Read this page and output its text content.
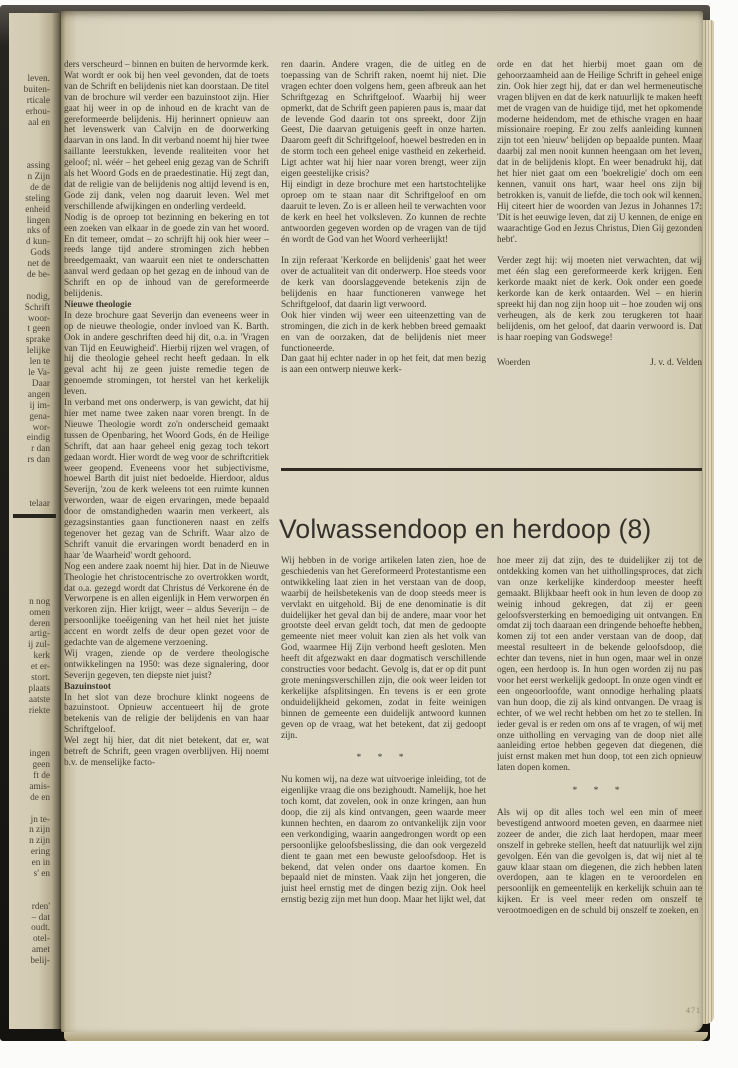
leven.
buiten-
rticale
erhou-
aal en
assing
n Zijn
de de
steling
enheid
lingen
nks of
d kun-
Gods
net de
de be-
nodig,
Schrift
woor-
t geen
sprake
lelijke
len te
le Va-
Daar
angen
ij im-
gena-
wor-
eindig
r dan
rs dan
telaar
n nog
omen
deren
artig-
ij zul-
kerk
et er-
stort.
plaats
aatste
riekte
ingen
geen
ft de
amis-
de en
jn te-
n zijn
n zijn
ering
en in
s' en
rden'
– dat
oudt.
otel-
amet
belij-

ders verscheurd – binnen en buiten de hervormde kerk. Wat wordt er ook bij hen veel gevonden, dat de toets van de Schrift en belijdenis niet kan doorstaan. De titel van de brochure wil verder een bazuinstoot zijn. Hier gaat hij weer in op de inhoud en de kracht van de gereformeerde belijdenis. Hij herinnert opnieuw aan het levenswerk van Calvijn en de doorwerking daarvan in ons land. In dit verband noemt hij hier twee saillante leerstukken, levende realiteiten voor het geloof; nl. wéér – het geheel enig gezag van de Schrift als het Woord Gods en de praedestinatie. Hij zegt dan, dat de religie van de belijdenis nog altijd levend is en, Gode zij dank, velen nog daaruit leven. Wel met verschillende afwijkingen en onderling verdeeld.

Nodig is de oproep tot bezinning en bekering en tot een zoeken van elkaar in de goede zin van het woord. En dit temeer, omdat – zo schrijft hij ook hier weer – reeds lange tijd andere stromingen zich hebben breedgemaakt, van waaruit een niet te onderschatten aanval werd gedaan op het gezag en de inhoud van de Schrift en op de inhoud van de gereformeerde belijdenis.

Nieuwe theologie

In deze brochure gaat Severijn dan eveneens weer in op de nieuwe theologie, onder invloed van K. Barth. Ook in andere geschriften deed hij dit, o.a. in 'Vragen van Tijd en Eeuwigheid'. Hierbij rijzen wel vragen, of hij die theologie geheel recht heeft gedaan. In elk geval acht hij ze geen juiste remedie tegen de genoemde stromingen, tot herstel van het kerkelijk leven.

In verband met ons onderwerp, is van gewicht, dat hij hier met name twee zaken naar voren brengt. In de Nieuwe Theologie wordt zo'n onderscheid gemaakt tussen de Openbaring, het Woord Gods, én de Heilige Schrift, dat aan haar geheel enig gezag toch tekort gedaan wordt. Hier wordt de weg voor de schriftcritiek weer geopend. Eveneens voor het subjectivisme, hoewel Barth dit juist niet bedoelde. Hierdoor, aldus Severijn, 'zou de kerk weleens tot een ruimte kunnen verworden, waar de eigen ervaringen, mede bepaald door de omstandigheden waarin men verkeert, als gezagsinstanties gaan functioneren naast en zelfs tegenover het gezag van de Schrift. Waar alzo de Schrift vanuit die ervaringen wordt benaderd en in haar 'de Waarheid' wordt gehoord.

Nog een andere zaak noemt hij hier. Dat in de Nieuwe Theologie het christocentrische zo overtrokken wordt, dat o.a. gezegd wordt dat Christus dé Verkorene én de Verworpene is en allen eigenlijk in Hem verworpen én verkoren zijn. Hier krijgt, weer – aldus Severijn – de persoonlijke toeëigening van het heil niet het juiste accent en wordt zelfs de deur open gezet voor de gedachte van de algemene verzoening.

Wij vragen, ziende op de verdere theologische ontwikkelingen na 1950: was deze signalering, door Severijn gegeven, ten diepste niet juist?

Bazuinstoot

In het slot van deze brochure klinkt nogeens de bazuinstoot. Opnieuw accentueert hij de grote betekenis van de religie der belijdenis en van haar Schriftgeloof.

Wel zegt hij hier, dat dit niet betekent, dat er, wat betreft de Schrift, geen vragen overblijven. Hij noemt b.v. de menselijke facto-

ren daarin. Andere vragen, die de uitleg en de toepassing van de Schrift raken, noemt hij niet. Die vragen echter doen volgens hem, geen afbreuk aan het Schriftgezag en Schriftgeloof. Waarbij hij weer opmerkt, dat de Schrift geen papieren paus is, maar dat de levende God daarin tot ons spreekt, door Zijn Geest, Die daarvan getuigenis geeft in onze harten. Daarom geeft dit Schriftgeloof, hoewel bestreden en in de storm toch een geheel enige vastheid en zekerheid. Ligt achter wat hij hier naar voren brengt, weer zijn eigen geestelijke crisis?

Hij eindigt in deze brochure met een hartstochtelijke oproep om te staan naar dit Schriftgeloof en om daaruit te leven. Zo is er alleen heil te verwachten voor de kerk en heel het volksleven. Zo kunnen de rechte antwoorden gegeven worden op de vragen van de tijd én wordt de God van het Woord verheerlijkt!

In zijn referaat 'Kerkorde en belijdenis' gaat het weer over de actualiteit van dit onderwerp. Hoe steeds voor de kerk van doorslaggevende betekenis zijn de belijdenis en haar functioneren vanwege het Schriftgeloof, dat daarin ligt verwoord.

Ook hier vinden wij weer een uiteenzetting van de stromingen, die zich in de kerk hebben breed gemaakt en van de oorzaken, dat de belijdenis niet meer functioneerde.

Dan gaat hij echter nader in op het feit, dat men bezig is aan een ontwerp nieuwe kerk-

orde en dat het hierbij moet gaan om de gehoorzaamheid aan de Heilige Schrift in geheel enige zin. Ook hier zegt hij, dat er dan wel hermeneutische vragen blijven en dat de kerk natuurlijk te maken heeft met de vragen van de huidige tijd, met het opkomende moderne heidendom, met de ethische vragen en haar missionaire roeping. Er zou zelfs aanleiding kunnen zijn tot een 'nieuw' belijden op bepaalde punten. Maar daarbij zal men nooit kunnen heengaan om het leven, dat in de belijdenis klopt. En weer benadrukt hij, dat het hier niet gaat om een 'boekreligie' doch om een kennen, vanuit ons hart, waar heel ons zijn bij betrokken is, vanuit de liefde, die toch ook wil kennen. Hij citeert hier de woorden van Jezus in Johannes 17: 'Dit is het eeuwige leven, dat zij U kennen, de enige en waarachtige God en Jezus Christus, Dien Gij gezonden hebt'.

Verder zegt hij: wij moeten niet verwachten, dat wij met één slag een gereformeerde kerk krijgen. Een kerkorde maakt niet de kerk. Ook onder een goede kerkorde kan de kerk ontaarden. Wel – en hierin spreekt hij dan nog zijn hoop uit – hoe zouden wij ons verheugen, als de kerk zou terugkeren tot haar belijdenis, om het geloof, dat daarin verwoord is. Dat is haar roeping van Godswege!

Woerden	J. v. d. Velden
Volwassendoop en herdoop (8)

Wij hebben in de vorige artikelen laten zien, hoe de geschiedenis van het Gereformeerd Protestantisme een ontwikkeling laat zien in het verstaan van de doop, waarbij de heilsbetekenis van de doop steeds meer is vervlakt en uitgehold. Bij de ene denominatie is dit duidelijker het geval dan bij de andere, maar voor het grootste deel ervan geldt toch, dat men de gedoopte gemeente niet meer voluit kan zien als het volk van God, waarmee Hij Zijn verbond heeft gesloten. Men heeft dit afgezwakt en daar dogmatisch verschillende constructies voor bedacht. Gevolg is, dat er op dit punt grote meningsverschillen zijn, die ook weer leiden tot kerkelijke afsplitsingen. En tevens is er een grote onduidelijkheid gekomen, zodat in feite weinigen binnen de gemeente een duidelijk antwoord kunnen geven op de vraag, wat het betekent, dat zij gedoopt zijn.

* * *

Nu komen wij, na deze wat uitvoerige inleiding, tot de eigenlijke vraag die ons bezighoudt. Namelijk, hoe het toch komt, dat zovelen, ook in onze kringen, aan hun doop, die zij als kind ontvangen, geen waarde meer kunnen hechten, en daarom zo ontvankelijk zijn voor een verkondiging, waarin aangedrongen wordt op een persoonlijke geloofsbeslissing, die dan ook vergezeld dient te gaan met een bewuste geloofsdoop. Het is bekend, dat velen onder ons daartoe komen. En bepaald niet de minsten. Vaak zijn het jongeren, die juist heel ernstig met de dingen bezig zijn. Ook heel ernstig bezig zijn met hun doop. Maar het lijkt wel, dat

hoe meer zij dat zijn, des te duidelijker zij tot de ontdekking komen van het uithollingsproces, dat zich van onze kerkelijke kinderdoop meester heeft gemaakt. Blijkbaar heeft ook in hun leven de doop zo weinig inhoud gekregen, dat zij er geen geloofsversterking en bemoediging uit ontvangen. En omdat zij toch daaraan een dringende behoefte hebben, komen zij tot een ander verstaan van de doop, dat meestal resulteert in de bekende geloofsdoop, die echter dan tevens, niet in hun ogen, maar wel in onze ogen, een herdoop is. In hun ogen worden zij nu pas voor het eerst werkelijk gedoopt. In onze ogen vindt er een ongeoorloofde, want onnodige herhaling plaats van hun doop, die zij als kind ontvangen. De vraag is echter, of we wel recht hebben om het zo te stellen. In ieder geval is er reden om ons af te vragen, of wij met onze uitholling en vervaging van de doop niet alle aanleiding ertoe hebben gegeven dat diegenen, die juist ernst maken met hun doop, tot een zich opnieuw laten dopen komen.

* * *

Als wij op dit alles toch wel een min of meer bevestigend antwoord moeten geven, en daarmee niet zozeer de ander, die zich laat herdopen, maar meer onszelf in gebreke stellen, heeft dat natuurlijk wel zijn gevolgen. Eén van die gevolgen is, dat wij niet al te gauw klaar staan om diegenen, die zich hebben laten overdopen, aan te klagen en te veroordelen en persoonlijk en gemeentelijk en kerkelijk schuin aan te kijken. Er is veel meer reden om onszelf te verootmoedigen en de schuld bij onszelf te zoeken, en

471
